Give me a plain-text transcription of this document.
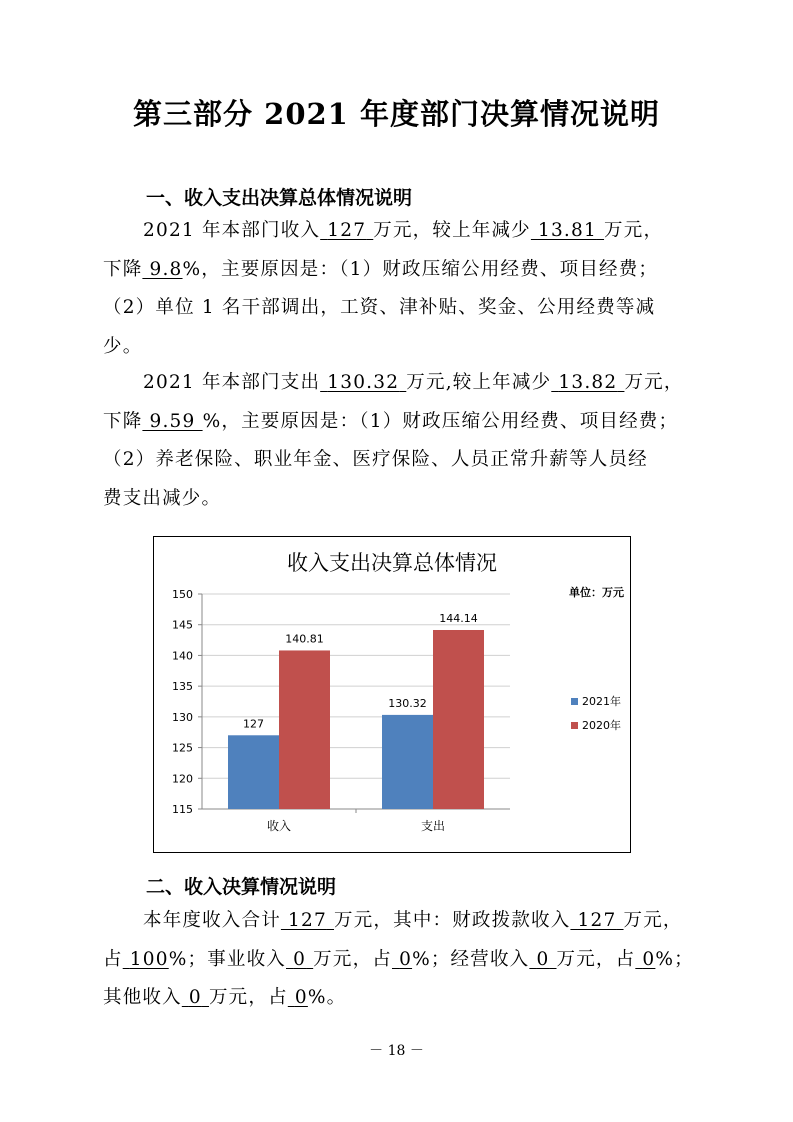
第三部分 2021 年度部门决算情况说明
一、收入支出决算总体情况说明
2021 年本部门收入 127 万元，较上年减少 13.81 万元，
下降 9.8%，主要原因是：（1）财政压缩公用经费、项目经费；
（2）单位 1 名干部调出，工资、津补贴、奖金、公用经费等减
少。
2021 年本部门支出 130.32 万元,较上年减少 13.82 万元，
下降 9.59 %，主要原因是：（1）财政压缩公用经费、项目经费；
（2）养老保险、职业年金、医疗保险、人员正常升薪等人员经
费支出减少。
收入支出决算总体情况
单位：万元
115
120
125
130
135
140
145
150
收入
127
140.81
支出
130.32
144.14
2021年
2020年
二、收入决算情况说明
本年度收入合计 127 万元，其中：财政拨款收入 127 万元，
占 100%；事业收入 0 万元，占 0%；经营收入 0 万元，占 0%；
其他收入 0 万元，占 0%。
－ 18 －
